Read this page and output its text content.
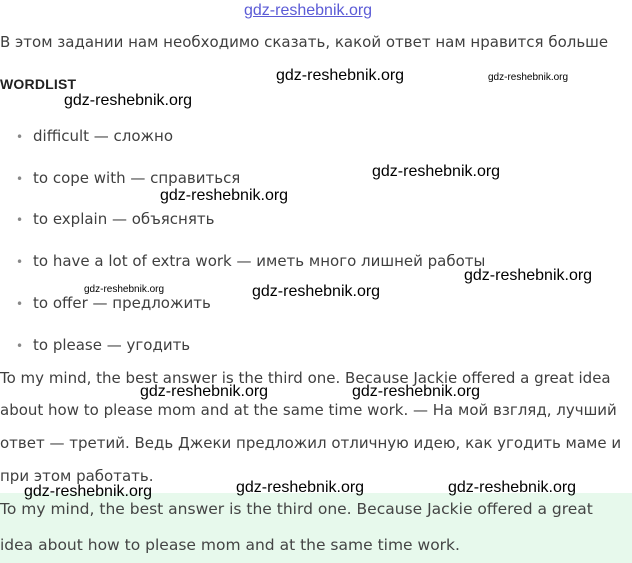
gdz-reshebnik.org
В этом задании нам необходимо сказать, какой ответ нам нравится больше
WORDLIST
• difficult — сложно
• to cope with — справиться
• to explain — объяснять
• to have a lot of extra work — иметь много лишней работы
• to offer — предложить
• to please — угодить
To my mind, the best answer is the third one. Because Jackie offered a great idea
about how to please mom and at the same time work. — На мой взгляд, лучший
ответ — третий. Ведь Джеки предложил отличную идею, как угодить маме и
при этом работать.
To my mind, the best answer is the third one. Because Jackie offered a great
idea about how to please mom and at the same time work.
gdz-reshebnik.org	gdz-reshebnik.org
gdz-reshebnik.org
gdz-reshebnik.org
gdz-reshebnik.org
gdz-reshebnik.org
gdz-reshebnik.org	gdz-reshebnik.org
gdz-reshebnik.org	gdz-reshebnik.org
gdz-reshebnik.org	gdz-reshebnik.org	gdz-reshebnik.org
